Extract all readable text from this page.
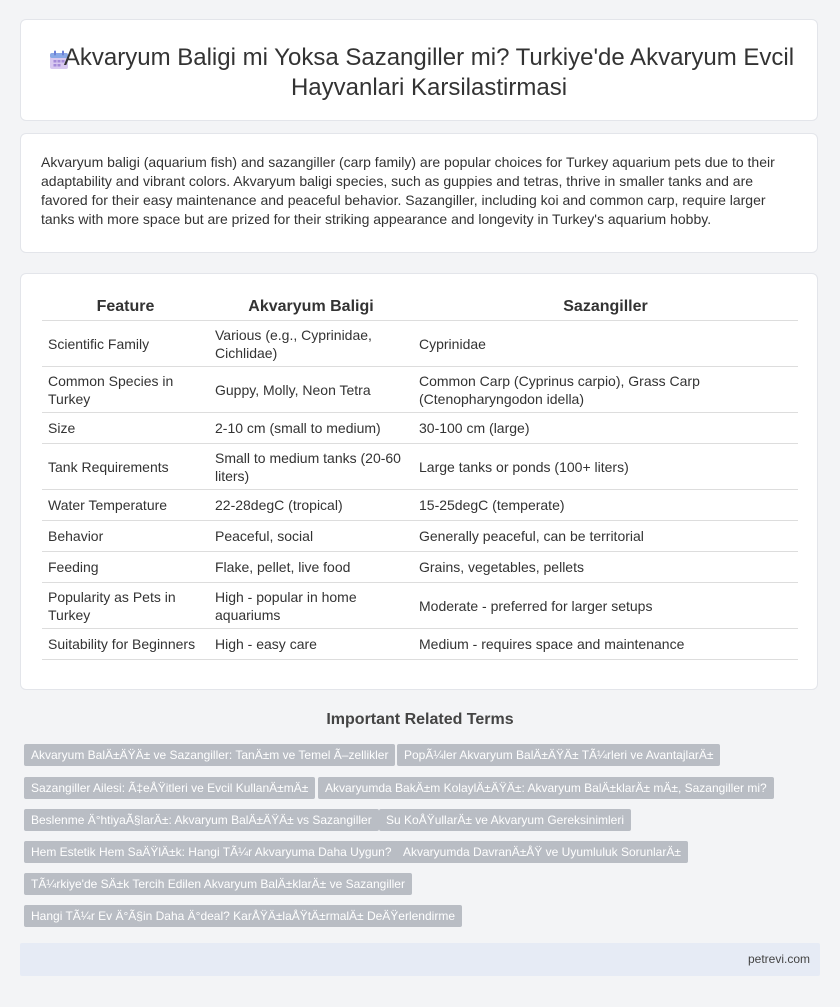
Akvaryum Baligi mi Yoksa Sazangiller mi? Turkiye'de Akvaryum Evcil Hayvanlari Karsilastirmasi

Akvaryum baligi (aquarium fish) and sazangiller (carp family) are popular choices for Turkey aquarium pets due to their adaptability and vibrant colors. Akvaryum baligi species, such as guppies and tetras, thrive in smaller tanks and are favored for their easy maintenance and peaceful behavior. Sazangiller, including koi and common carp, require larger tanks with more space but are prized for their striking appearance and longevity in Turkey's aquarium hobby.

Feature	Akvaryum Baligi	Sazangiller
Scientific Family	Various (e.g., Cyprinidae, Cichlidae)	Cyprinidae
Common Species in Turkey	Guppy, Molly, Neon Tetra	Common Carp (Cyprinus carpio), Grass Carp (Ctenopharyngodon idella)
Size	2-10 cm (small to medium)	30-100 cm (large)
Tank Requirements	Small to medium tanks (20-60 liters)	Large tanks or ponds (100+ liters)
Water Temperature	22-28degC (tropical)	15-25degC (temperate)
Behavior	Peaceful, social	Generally peaceful, can be territorial
Feeding	Flake, pellet, live food	Grains, vegetables, pellets
Popularity as Pets in Turkey	High - popular in home aquariums	Moderate - preferred for larger setups
Suitability for Beginners	High - easy care	Medium - requires space and maintenance
Important Related Terms
Akvaryum BalÄ±ÄŸÄ± ve Sazangiller: TanÄ±m ve Temel Ã–zellikler	PopÃ¼ler Akvaryum BalÄ±ÄŸÄ± TÃ¼rleri ve AvantajlarÄ±
Sazangiller Ailesi: Ã‡eÅŸitleri ve Evcil KullanÄ±mÄ±	Akvaryumda BakÄ±m KolaylÄ±ÄŸÄ±: Akvaryum BalÄ±klarÄ± mÄ±, Sazangiller mi?
Beslenme Ä°htiyaÃ§larÄ±: Akvaryum BalÄ±ÄŸÄ± vs Sazangiller	Su KoÅŸullarÄ± ve Akvaryum Gereksinimleri
Hem Estetik Hem SaÄŸlÄ±k: Hangi TÃ¼r Akvaryuma Daha Uygun? Akvaryumda DavranÄ±ÅŸ ve Uyumluluk SorunlarÄ±
TÃ¼rkiye'de SÄ±k Tercih Edilen Akvaryum BalÄ±klarÄ± ve Sazangiller
Hangi TÃ¼r Ev Ä°Ã§in Daha Ä°deal? KarÅŸÄ±laÅŸtÄ±rmalÄ± DeÄŸerlendirme
petrevi.com
